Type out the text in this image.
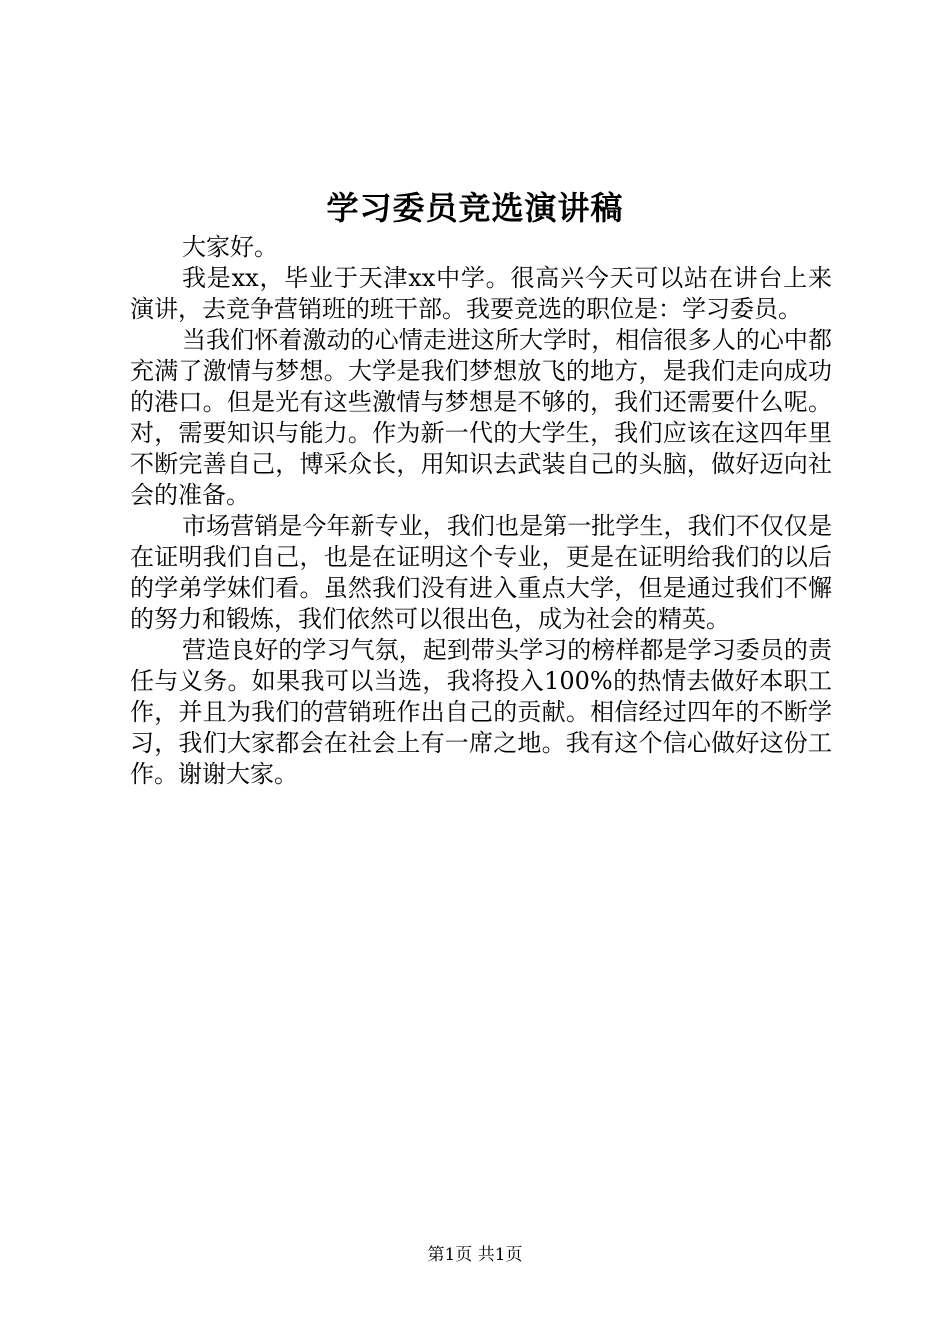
学习委员竞选演讲稿

大家好。

我是xx，毕业于天津xx中学。很高兴今天可以站在讲台上来演讲，去竞争营销班的班干部。我要竞选的职位是：学习委员。

当我们怀着激动的心情走进这所大学时，相信很多人的心中都充满了激情与梦想。大学是我们梦想放飞的地方，是我们走向成功的港口。但是光有这些激情与梦想是不够的，我们还需要什么呢。对，需要知识与能力。作为新一代的大学生，我们应该在这四年里不断完善自己，博采众长，用知识去武装自己的头脑，做好迈向社会的准备。

市场营销是今年新专业，我们也是第一批学生，我们不仅仅是在证明我们自己，也是在证明这个专业，更是在证明给我们的以后的学弟学妹们看。虽然我们没有进入重点大学，但是通过我们不懈的努力和锻炼，我们依然可以很出色，成为社会的精英。

营造良好的学习气氛，起到带头学习的榜样都是学习委员的责任与义务。如果我可以当选，我将投入100%的热情去做好本职工作，并且为我们的营销班作出自己的贡献。相信经过四年的不断学习，我们大家都会在社会上有一席之地。我有这个信心做好这份工作。谢谢大家。

第1页 共1页
